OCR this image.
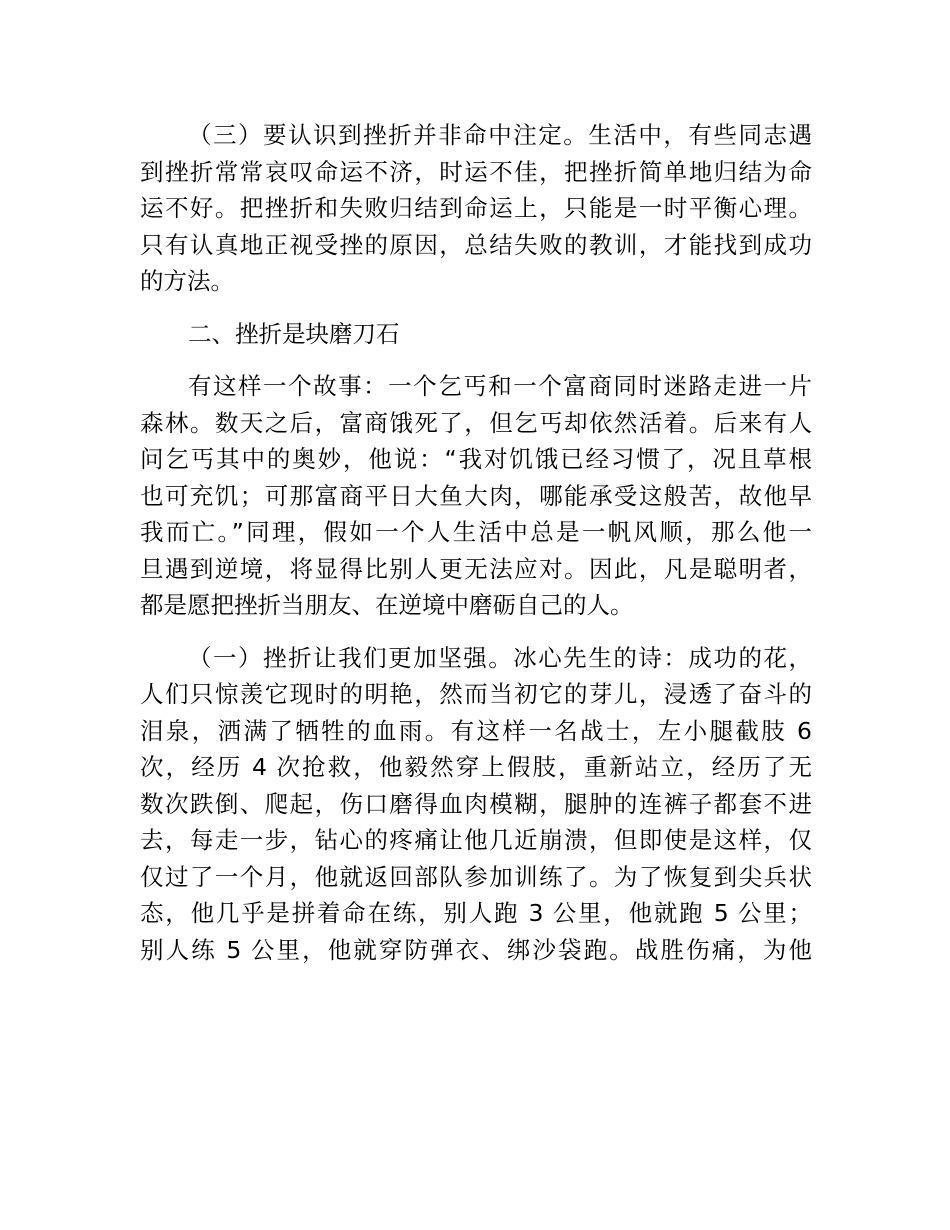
（三）要认识到挫折并非命中注定。生活中，有些同志遇
到挫折常常哀叹命运不济，时运不佳，把挫折简单地归结为命
运不好。把挫折和失败归结到命运上，只能是一时平衡心理。
只有认真地正视受挫的原因，总结失败的教训，才能找到成功
的方法。
二、挫折是块磨刀石
有这样一个故事：一个乞丐和一个富商同时迷路走进一片
森林。数天之后，富商饿死了，但乞丐却依然活着。后来有人
问乞丐其中的奥妙，他说：“我对饥饿已经习惯了，况且草根
也可充饥；可那富商平日大鱼大肉，哪能承受这般苦，故他早
我而亡。”同理，假如一个人生活中总是一帆风顺，那么他一
旦遇到逆境，将显得比别人更无法应对。因此，凡是聪明者，
都是愿把挫折当朋友、在逆境中磨砺自己的人。
（一）挫折让我们更加坚强。冰心先生的诗：成功的花，
人们只惊羡它现时的明艳，然而当初它的芽儿，浸透了奋斗的
泪泉，洒满了牺牲的血雨。有这样一名战士，左小腿截肢 6
次，经历 4 次抢救，他毅然穿上假肢，重新站立，经历了无
数次跌倒、爬起，伤口磨得血肉模糊，腿肿的连裤子都套不进
去，每走一步，钻心的疼痛让他几近崩溃，但即使是这样，仅
仅过了一个月，他就返回部队参加训练了。为了恢复到尖兵状
态，他几乎是拼着命在练，别人跑 3 公里，他就跑 5 公里；
别人练 5 公里，他就穿防弹衣、绑沙袋跑。战胜伤痛，为他
